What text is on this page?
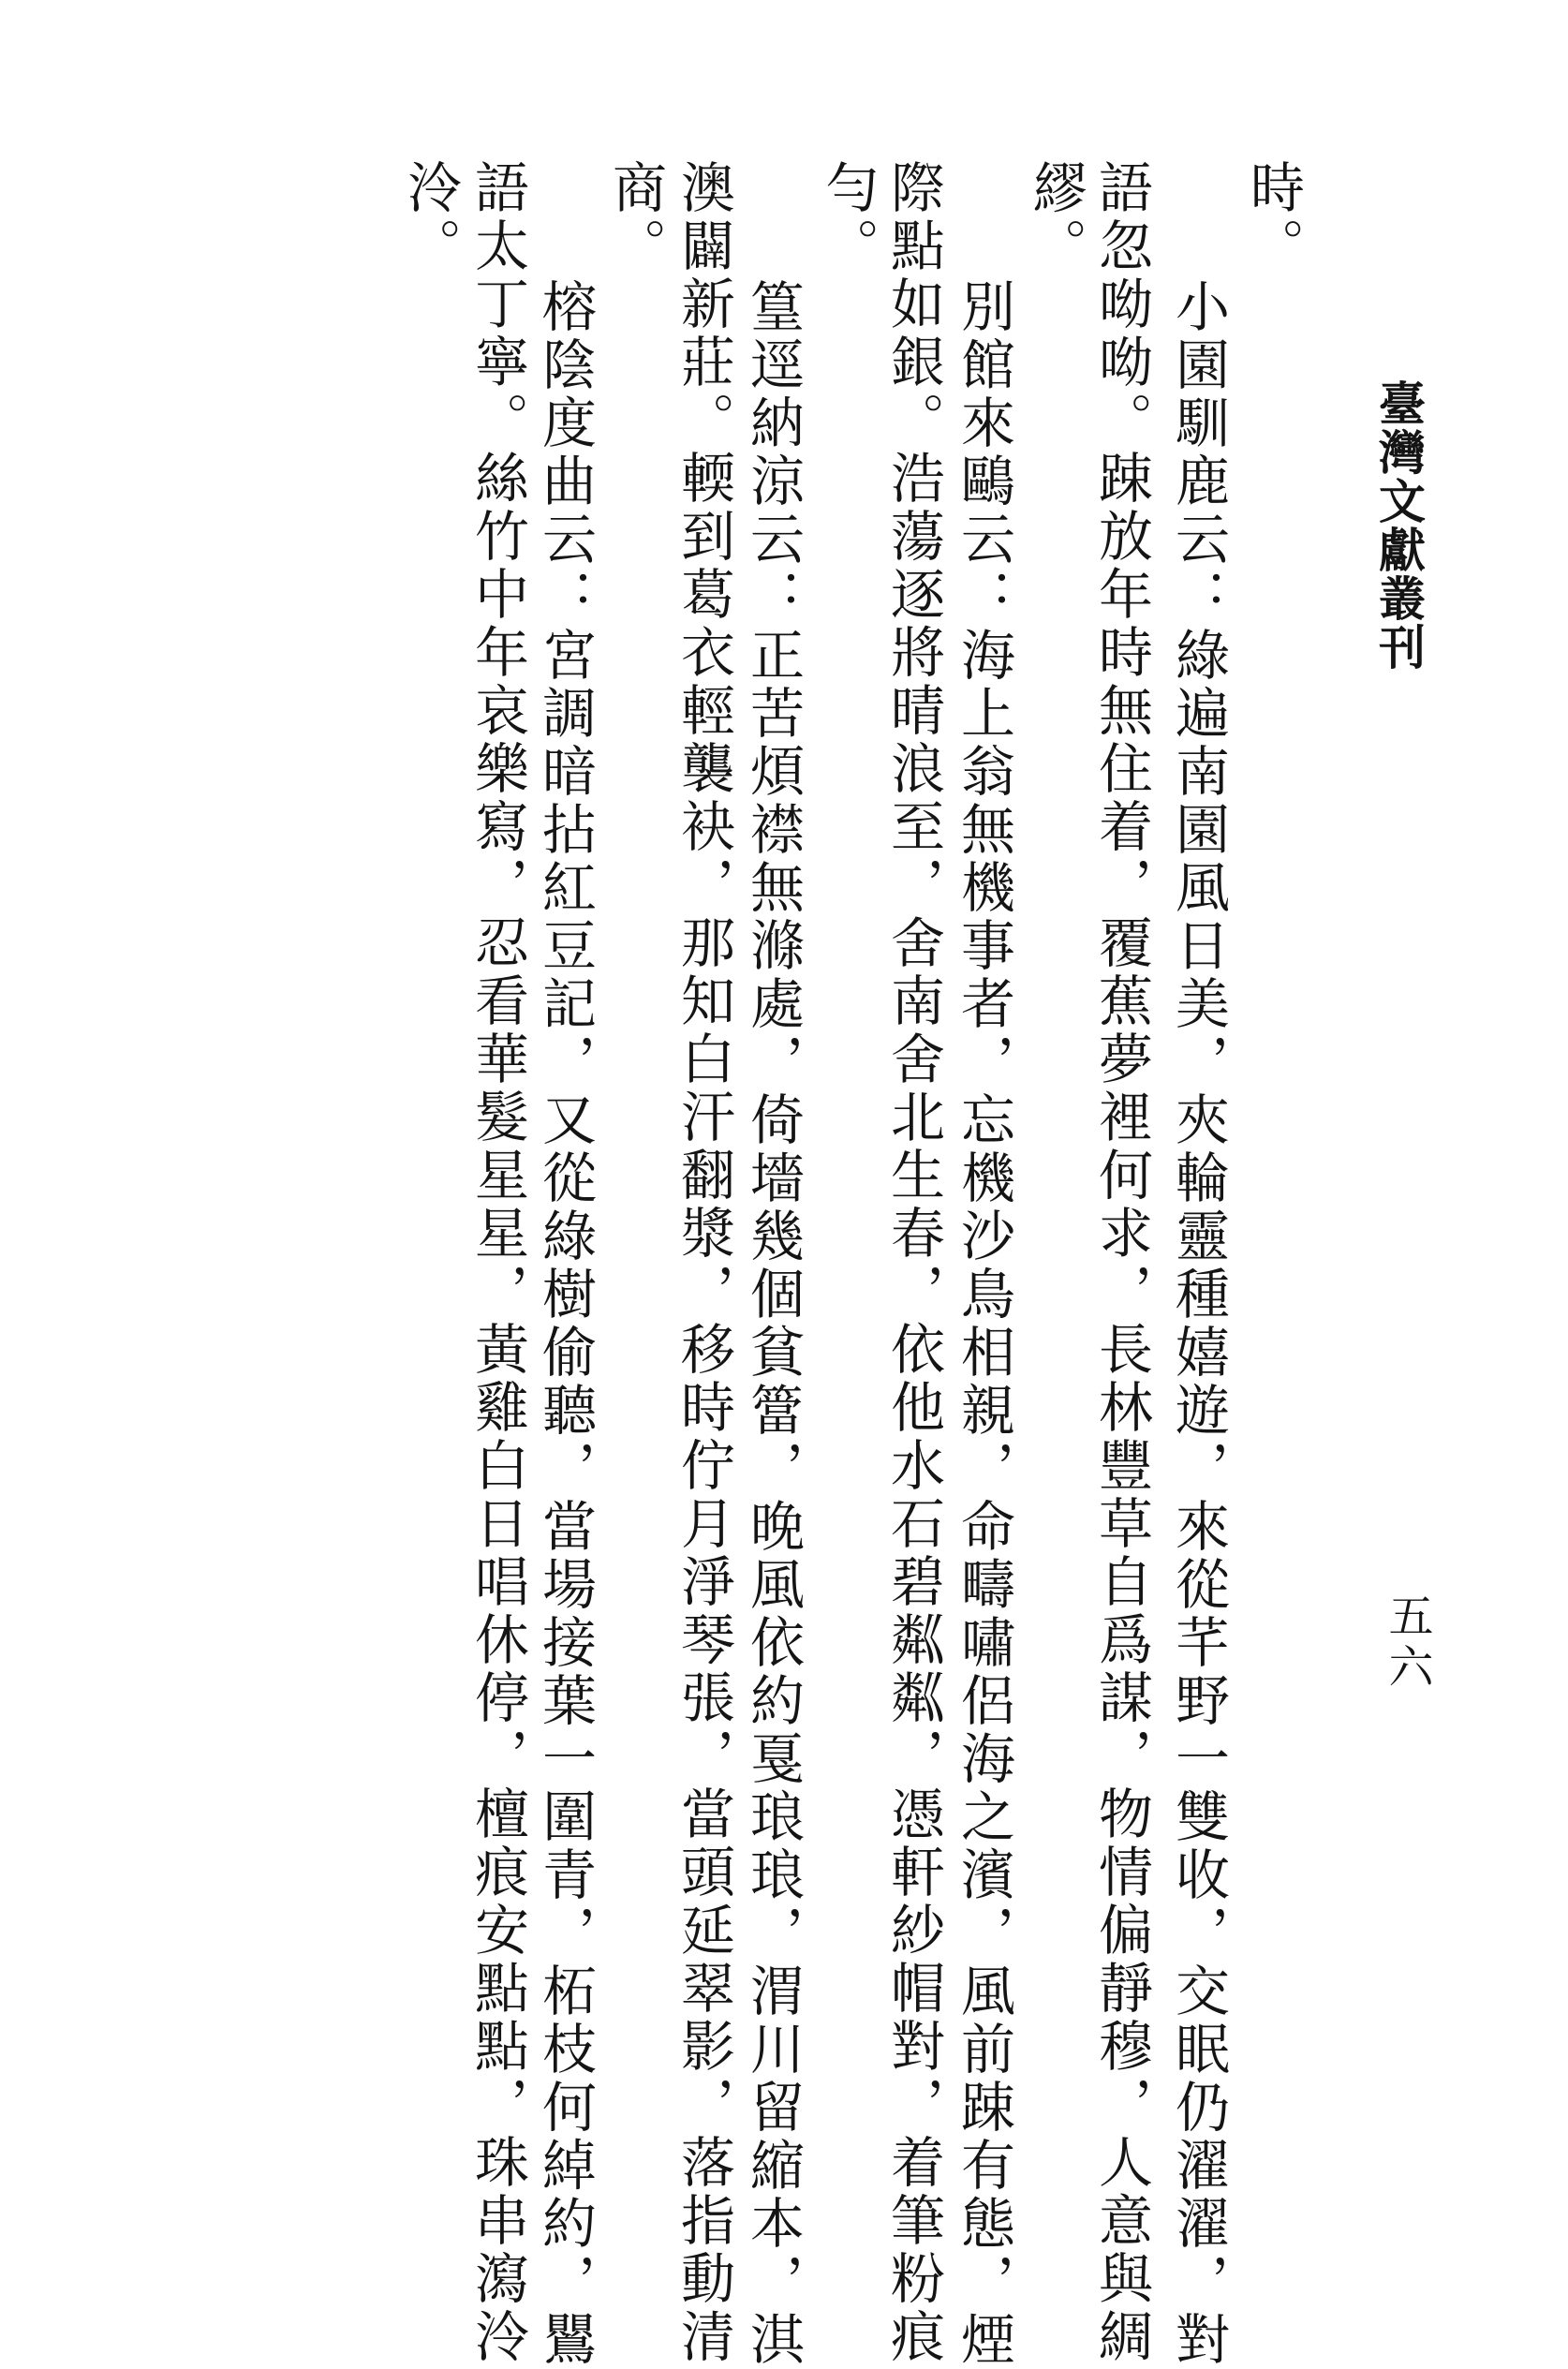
臺灣文獻叢刊
五六
時。
　小園馴鹿云：綠遍南園風日美，夾輪靈種嬉遊，來從芊野一雙收，交眠仍濯濯，對
語忽呦呦。踈放年時無住着，覆蕉夢裡何求，長林豐草自爲謀，物情偏靜穆，人意與綢
繆。
　別館來鷗云：海上翁無機事者，忘機沙鳥相親，命疇嘯侶海之濱，風前踈有態，煙
際點如銀。浩蕩逐將晴浪至，舍南舍北生春，依他水石碧粼粼，憑軒紗帽對，着筆粉痕
勻。
　篁逕納涼云：正苦煩襟無滌處，倚墻幾個貧簹，晚風依約戛琅琅，渭川留縮本，淇
澳闢新莊。輭到葛衣輕襲袂，那知白汗翻漿，移時佇月淨琴張，當頭延翠影，落指動清
商。
　榕陰度曲云：宮調暗拈紅豆記，又從綠樹偷聽，當場接葉一圍青，柘枝何綽約，鸎
語太丁寧。絲竹中年哀樂寫，忍看華髮星星，黃雞白日唱休停，檀痕安點點，珠串瀉泠
泠。
